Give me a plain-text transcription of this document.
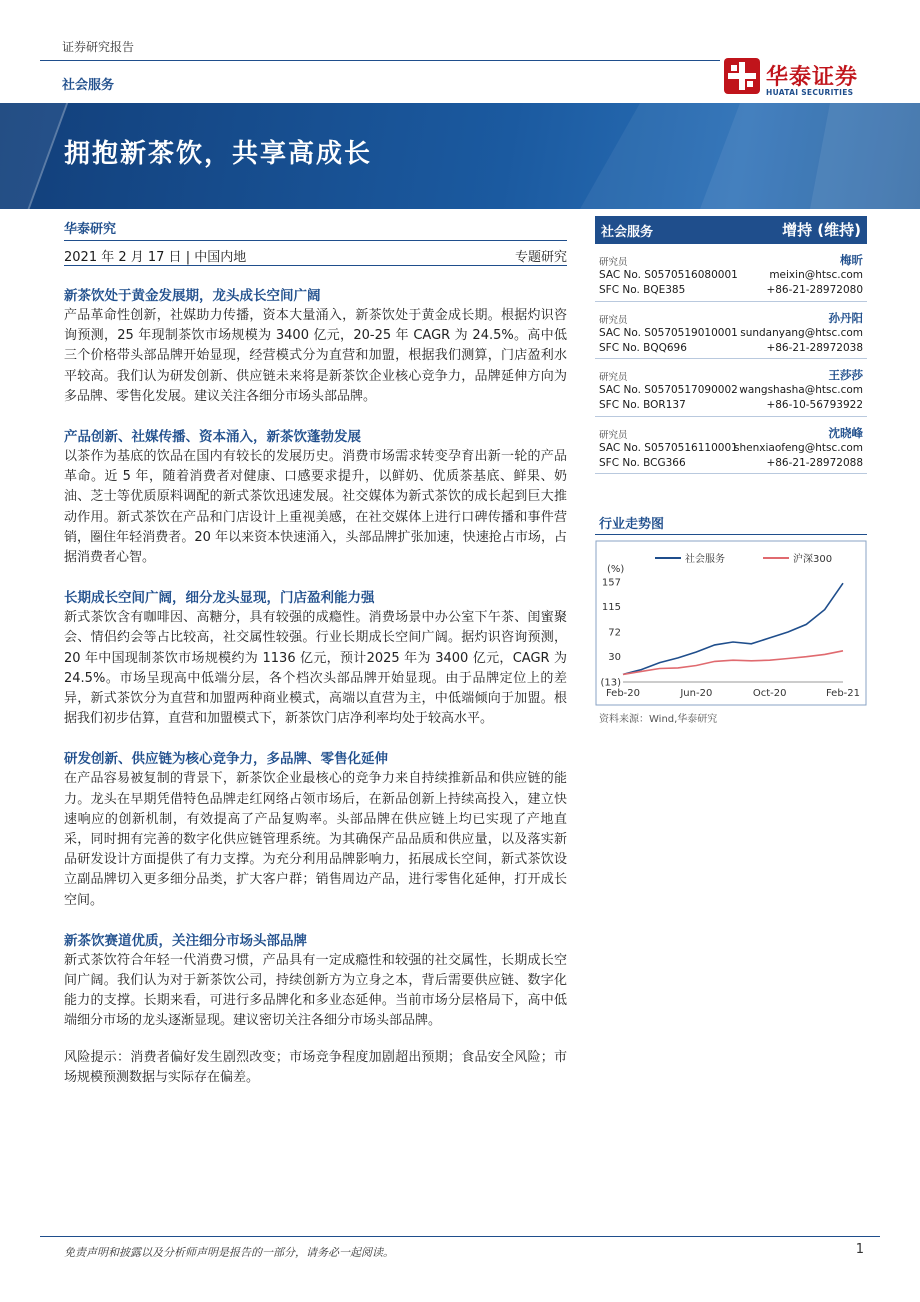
证券研究报告
社会服务	华泰证券
HUATAI SECURITIES
拥抱新茶饮，共享高成长
华泰研究
2021 年 2 月 17 日 | 中国内地	专题研究
新茶饮处于黄金发展期，龙头成长空间广阔
产品革命性创新，社媒助力传播，资本大量涌入，新茶饮处于黄金成长期。根据灼识咨询预测，25 年现制茶饮市场规模为 3400 亿元，20-25 年 CAGR 为 24.5%。高中低三个价格带头部品牌开始显现，经营模式分为直营和加盟，根据我们测算，门店盈利水平较高。我们认为研发创新、供应链未来将是新茶饮企业核心竞争力，品牌延伸方向为多品牌、零售化发展。建议关注各细分市场头部品牌。
产品创新、社媒传播、资本涌入，新茶饮蓬勃发展
以茶作为基底的饮品在国内有较长的发展历史。消费市场需求转变孕育出新一轮的产品革命。近 5 年，随着消费者对健康、口感要求提升，以鲜奶、优质茶基底、鲜果、奶油、芝士等优质原料调配的新式茶饮迅速发展。社交媒体为新式茶饮的成长起到巨大推动作用。新式茶饮在产品和门店设计上重视美感，在社交媒体上进行口碑传播和事件营销，圈住年轻消费者。20 年以来资本快速涌入，头部品牌扩张加速，快速抢占市场，占据消费者心智。
长期成长空间广阔，细分龙头显现，门店盈利能力强
新式茶饮含有咖啡因、高糖分，具有较强的成瘾性。消费场景中办公室下午茶、闺蜜聚会、情侣约会等占比较高，社交属性较强。行业长期成长空间广阔。据灼识咨询预测，20 年中国现制茶饮市场规模约为 1136 亿元，预计2025 年为 3400 亿元，CAGR 为 24.5%。市场呈现高中低端分层，各个档次头部品牌开始显现。由于品牌定位上的差异，新式茶饮分为直营和加盟两种商业模式，高端以直营为主，中低端倾向于加盟。根据我们初步估算，直营和加盟模式下，新茶饮门店净利率均处于较高水平。
研发创新、供应链为核心竞争力，多品牌、零售化延伸
在产品容易被复制的背景下，新茶饮企业最核心的竞争力来自持续推新品和供应链的能力。龙头在早期凭借特色品牌走红网络占领市场后，在新品创新上持续高投入，建立快速响应的创新机制，有效提高了产品复购率。头部品牌在供应链上均已实现了产地直采，同时拥有完善的数字化供应链管理系统。为其确保产品品质和供应量，以及落实新品研发设计方面提供了有力支撑。为充分利用品牌影响力，拓展成长空间，新式茶饮设立副品牌切入更多细分品类，扩大客户群；销售周边产品，进行零售化延伸，打开成长空间。
新茶饮赛道优质，关注细分市场头部品牌
新式茶饮符合年轻一代消费习惯，产品具有一定成瘾性和较强的社交属性，长期成长空间广阔。我们认为对于新茶饮公司，持续创新方为立身之本，背后需要供应链、数字化能力的支撑。长期来看，可进行多品牌化和多业态延伸。当前市场分层格局下，高中低端细分市场的龙头逐渐显现。建议密切关注各细分市场头部品牌。
风险提示：消费者偏好发生剧烈改变；市场竞争程度加剧超出预期；食品安全风险；市场规模预测数据与实际存在偏差。
社会服务	增持 (维持)
研究员	梅昕
SAC No. S0570516080001	meixin@htsc.com
SFC No. BQE385	+86-21-28972080
研究员	孙丹阳
SAC No. S0570519010001 sundanyang@htsc.com
SFC No. BQQ696	+86-21-28972038
研究员	王莎莎
SAC No. S0570517090002 wangshasha@htsc.com
SFC No. BOR137	+86-10-56793922
研究员	沈晓峰
SAC No. S0570516110001
shenxiaofeng@htsc.com
SFC No. BCG366	+86-21-28972088
行业走势图
(%)
157
115
72
30
(13)
Feb-20	Jun-20	Oct-20	Feb-21
社会服务	沪深300
资料来源：Wind,华泰研究
免责声明和披露以及分析师声明是报告的一部分，请务必一起阅读。	1
